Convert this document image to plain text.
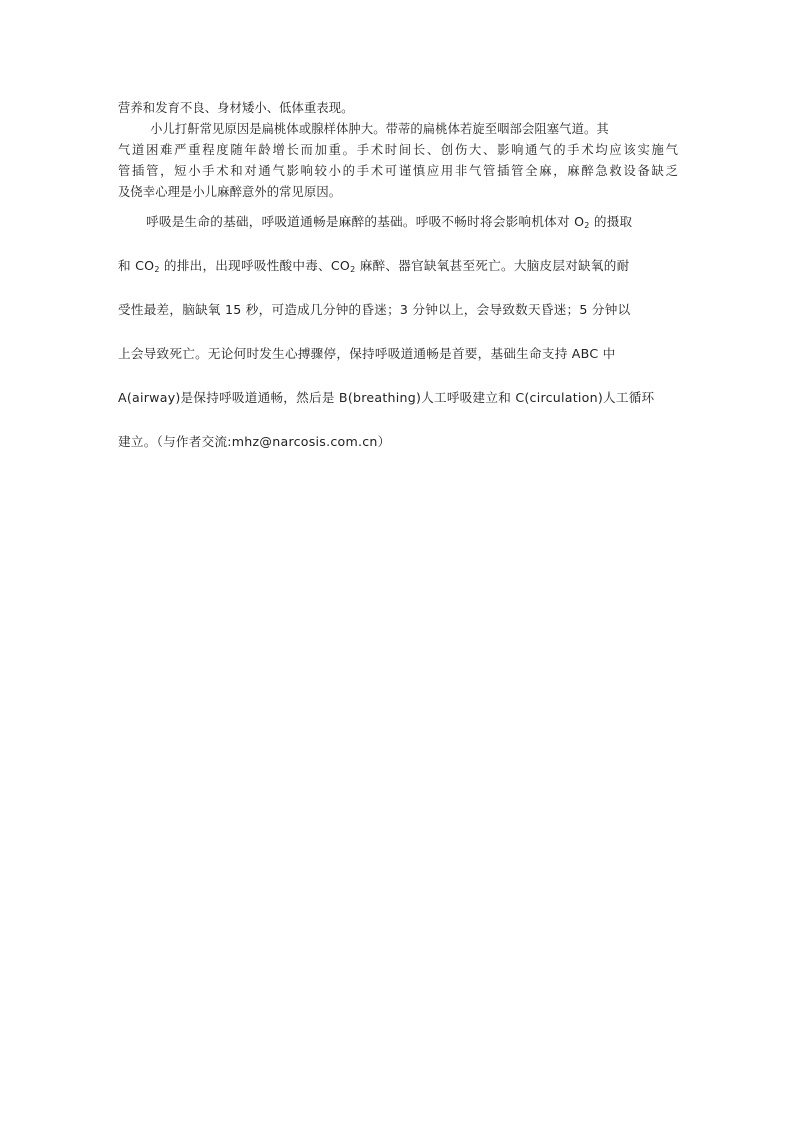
营养和发育不良、身材矮小、低体重表现。

小儿打鼾常见原因是扁桃体或腺样体肿大。带蒂的扁桃体若旋至咽部会阻塞气道。其

气道困难严重程度随年龄增长而加重。手术时间长、创伤大、影响通气的手术均应该实施气

管插管，短小手术和对通气影响较小的手术可谨慎应用非气管插管全麻，麻醉急救设备缺乏

及侥幸心理是小儿麻醉意外的常见原因。

呼吸是生命的基础，呼吸道通畅是麻醉的基础。呼吸不畅时将会影响机体对 $O_2$ 的摄取

和 $CO_2$ 的排出，出现呼吸性酸中毒、$CO_2$ 麻醉、器官缺氧甚至死亡。大脑皮层对缺氧的耐

受性最差，脑缺氧 15 秒，可造成几分钟的昏迷；3 分钟以上，会导致数天昏迷；5 分钟以

上会导致死亡。无论何时发生心搏骤停，保持呼吸道通畅是首要，基础生命支持 ABC 中

A(airway)是保持呼吸道通畅，然后是 B(breathing)人工呼吸建立和 C(circulation)人工循环

建立。（与作者交流:mhz@narcosis.com.cn）
